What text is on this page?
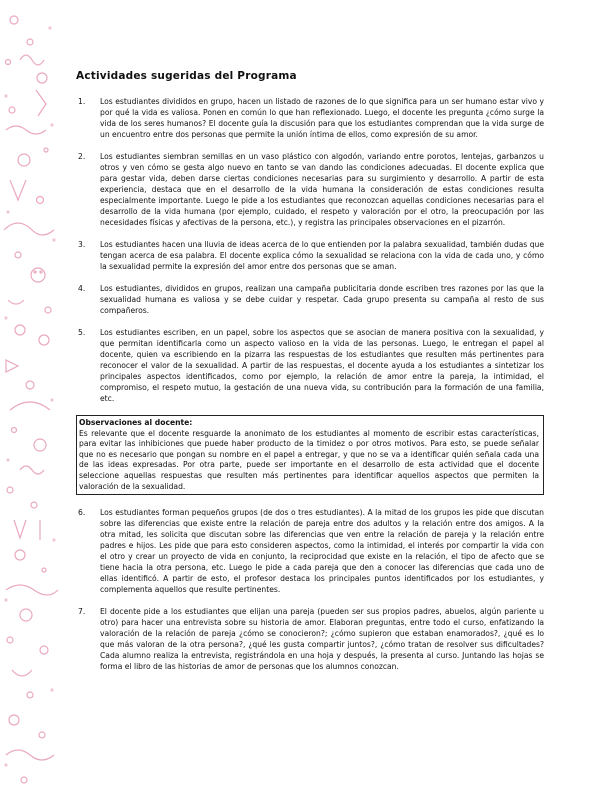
Actividades sugeridas del Programa
1.	Los estudiantes divididos en grupo, hacen un listado de razones de lo que significa para un ser humano estar vivo y por qué la vida es valiosa. Ponen en común lo que han reflexionado. Luego, el docente les pregunta ¿cómo surge la vida de los seres humanos? El docente guía la discusión para que los estudiantes comprendan que la vida surge de un encuentro entre dos personas que permite la unión íntima de ellos, como expresión de su amor.
2.	Los estudiantes siembran semillas en un vaso plástico con algodón, variando entre porotos, lentejas, garbanzos u otros y ven cómo se gesta algo nuevo en tanto se van dando las condiciones adecuadas. El docente explica que para gestar vida, deben darse ciertas condiciones necesarias para su surgimiento y desarrollo. A partir de esta experiencia, destaca que en el desarrollo de la vida humana la consideración de estas condiciones resulta especialmente importante. Luego le pide a los estudiantes que reconozcan aquellas condiciones necesarias para el desarrollo de la vida humana (por ejemplo, cuidado, el respeto y valoración por el otro, la preocupación por las necesidades físicas y afectivas de la persona, etc.), y registra las principales observaciones en el pizarrón.
3.	Los estudiantes hacen una lluvia de ideas acerca de lo que entienden por la palabra sexualidad, también dudas que tengan acerca de esa palabra. El docente explica cómo la sexualidad se relaciona con la vida de cada uno, y cómo la sexualidad permite la expresión del amor entre dos personas que se aman.
4.	Los estudiantes, divididos en grupos, realizan una campaña publicitaria donde escriben tres razones por las que la sexualidad humana es valiosa y se debe cuidar y respetar. Cada grupo presenta su campaña al resto de sus compañeros.
5.	Los estudiantes escriben, en un papel, sobre los aspectos que se asocian de manera positiva con la sexualidad, y que permitan identificarla como un aspecto valioso en la vida de las personas. Luego, le entregan el papel al docente, quien va escribiendo en la pizarra las respuestas de los estudiantes que resulten más pertinentes para reconocer el valor de la sexualidad. A partir de las respuestas, el docente ayuda a los estudiantes a sintetizar los principales aspectos identificados, como por ejemplo, la relación de amor entre la pareja, la intimidad, el compromiso, el respeto mutuo, la gestación de una nueva vida, su contribución para la formación de una familia, etc.
Observaciones al docente:
Es relevante que el docente resguarde la anonimato de los estudiantes al momento de escribir estas características, para evitar las inhibiciones que puede haber producto de la timidez o por otros motivos. Para esto, se puede señalar que no es necesario que pongan su nombre en el papel a entregar, y que no se va a identificar quién señala cada una de las ideas expresadas. Por otra parte, puede ser importante en el desarrollo de esta actividad que el docente seleccione aquellas respuestas que resulten más pertinentes para identificar aquellos aspectos que permiten la valoración de la sexualidad.
6.	Los estudiantes forman pequeños grupos (de dos o tres estudiantes). A la mitad de los grupos les pide que discutan sobre las diferencias que existe entre la relación de pareja entre dos adultos y la relación entre dos amigos. A la otra mitad, les solicita que discutan sobre las diferencias que ven entre la relación de pareja y la relación entre padres e hijos. Les pide que para esto consideren aspectos, como la intimidad, el interés por compartir la vida con el otro y crear un proyecto de vida en conjunto, la reciprocidad que existe en la relación, el tipo de afecto que se tiene hacia la otra persona, etc. Luego le pide a cada pareja que den a conocer las diferencias que cada uno de ellas identificó. A partir de esto, el profesor destaca los principales puntos identificados por los estudiantes, y complementa aquellos que resulte pertinentes.
7.	El docente pide a los estudiantes que elijan una pareja (pueden ser sus propios padres, abuelos, algún pariente u otro) para hacer una entrevista sobre su historia de amor. Elaboran preguntas, entre todo el curso, enfatizando la valoración de la relación de pareja ¿cómo se conocieron?; ¿cómo supieron que estaban enamorados?, ¿qué es lo que más valoran de la otra persona?, ¿qué les gusta compartir juntos?, ¿cómo tratan de resolver sus dificultades? Cada alumno realiza la entrevista, registrándola en una hoja y después, la presenta al curso. Juntando las hojas se forma el libro de las historias de amor de personas que los alumnos conozcan.
